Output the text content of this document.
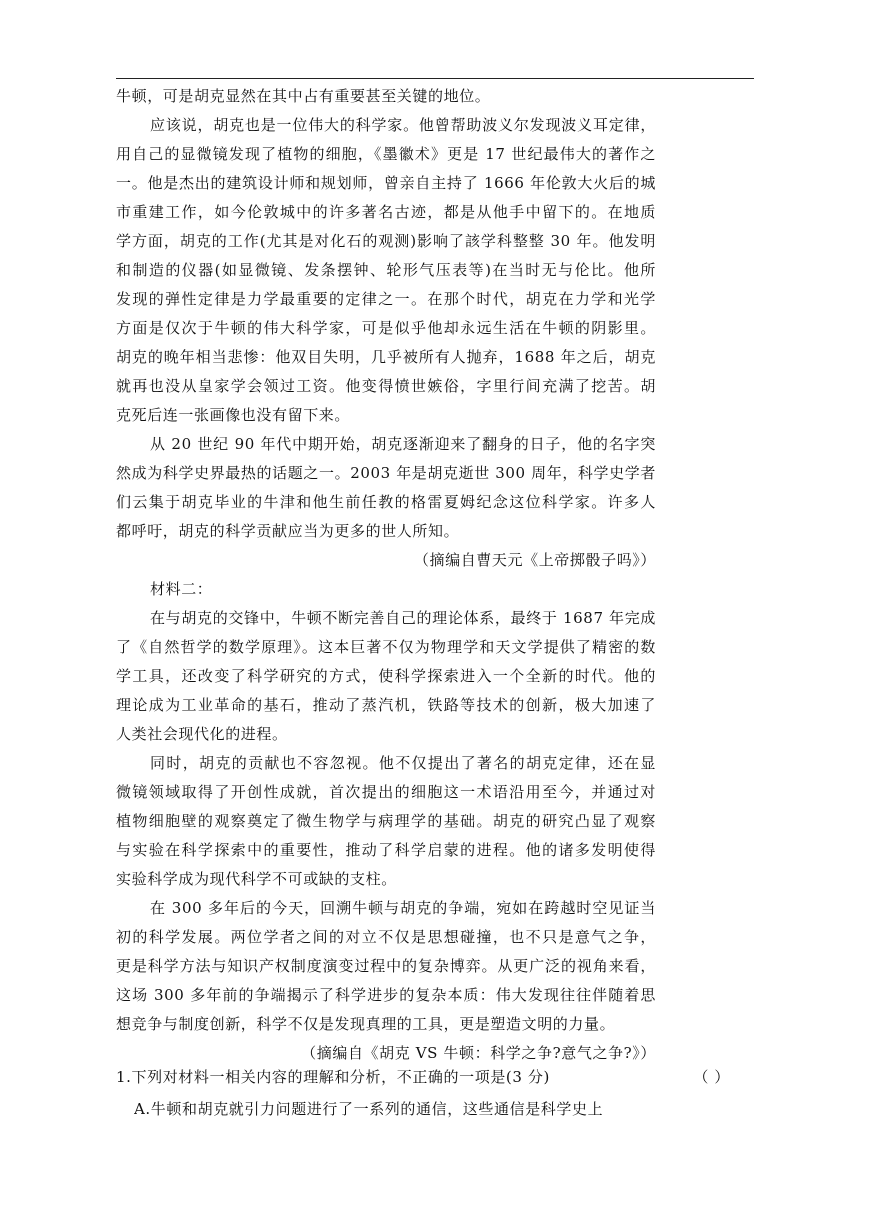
牛顿，可是胡克显然在其中占有重要甚至关键的地位。
应该说，胡克也是一位伟大的科学家。他曾帮助波义尔发现波义耳定律，
用自己的显微镜发现了植物的细胞，《墨徽术》更是 17 世纪最伟大的著作之
一。他是杰出的建筑设计师和规划师，曾亲自主持了 1666 年伦敦大火后的城
市重建工作，如今伦敦城中的许多著名古迹，都是从他手中留下的。在地质
学方面，胡克的工作(尤其是对化石的观测)影响了該学科整整 30 年。他发明
和制造的仪器(如显微镜、发条摆钟、轮形气压表等)在当时无与伦比。他所
发现的弹性定律是力学最重要的定律之一。在那个时代，胡克在力学和光学
方面是仅次于牛顿的伟大科学家，可是似乎他却永远生活在牛顿的阴影里。
胡克的晚年相当悲惨：他双目失明，几乎被所有人抛弃，1688 年之后，胡克
就再也没从皇家学会领过工资。他变得愤世嫉俗，字里行间充满了挖苦。胡
克死后连一张画像也没有留下来。
从 20 世纪 90 年代中期开始，胡克逐渐迎来了翻身的日子，他的名字突
然成为科学史界最热的话题之一。2003 年是胡克逝世 300 周年，科学史学者
们云集于胡克毕业的牛津和他生前任教的格雷夏姆纪念这位科学家。许多人
都呼吁，胡克的科学贡献应当为更多的世人所知。
（摘编自曹天元《上帝掷骰子吗》）
材料二：
在与胡克的交锋中，牛顿不断完善自己的理论体系，最终于 1687 年完成
了《自然哲学的数学原理》。这本巨著不仅为物理学和天文学提供了精密的数
学工具，还改变了科学研究的方式，使科学探索进入一个全新的时代。他的
理论成为工业革命的基石，推动了蒸汽机，铁路等技术的创新，极大加速了
人类社会现代化的进程。
同时，胡克的贡献也不容忽视。他不仅提出了著名的胡克定律，还在显
微镜领域取得了开创性成就，首次提出的细胞这一术语沿用至今，并通过对
植物细胞壁的观察奠定了微生物学与病理学的基础。胡克的研究凸显了观察
与实验在科学探索中的重要性，推动了科学启蒙的进程。他的诸多发明使得
实验科学成为现代科学不可或缺的支柱。
在 300 多年后的今天，回溯牛顿与胡克的争端，宛如在跨越时空见证当
初的科学发展。两位学者之间的对立不仅是思想碰撞，也不只是意气之争，
更是科学方法与知识产权制度演变过程中的复杂博弈。从更广泛的视角来看，
这场 300 多年前的争端揭示了科学进步的复杂本质：伟大发现往往伴随着思
想竞争与制度创新，科学不仅是发现真理的工具，更是塑造文明的力量。
（摘编自《胡克 VS 牛顿：科学之争?意气之争?》）
1.下列对材料一相关内容的理解和分析，不正确的一项是(3 分)	（ ）
A.牛顿和胡克就引力问题进行了一系列的通信，这些通信是科学史上
